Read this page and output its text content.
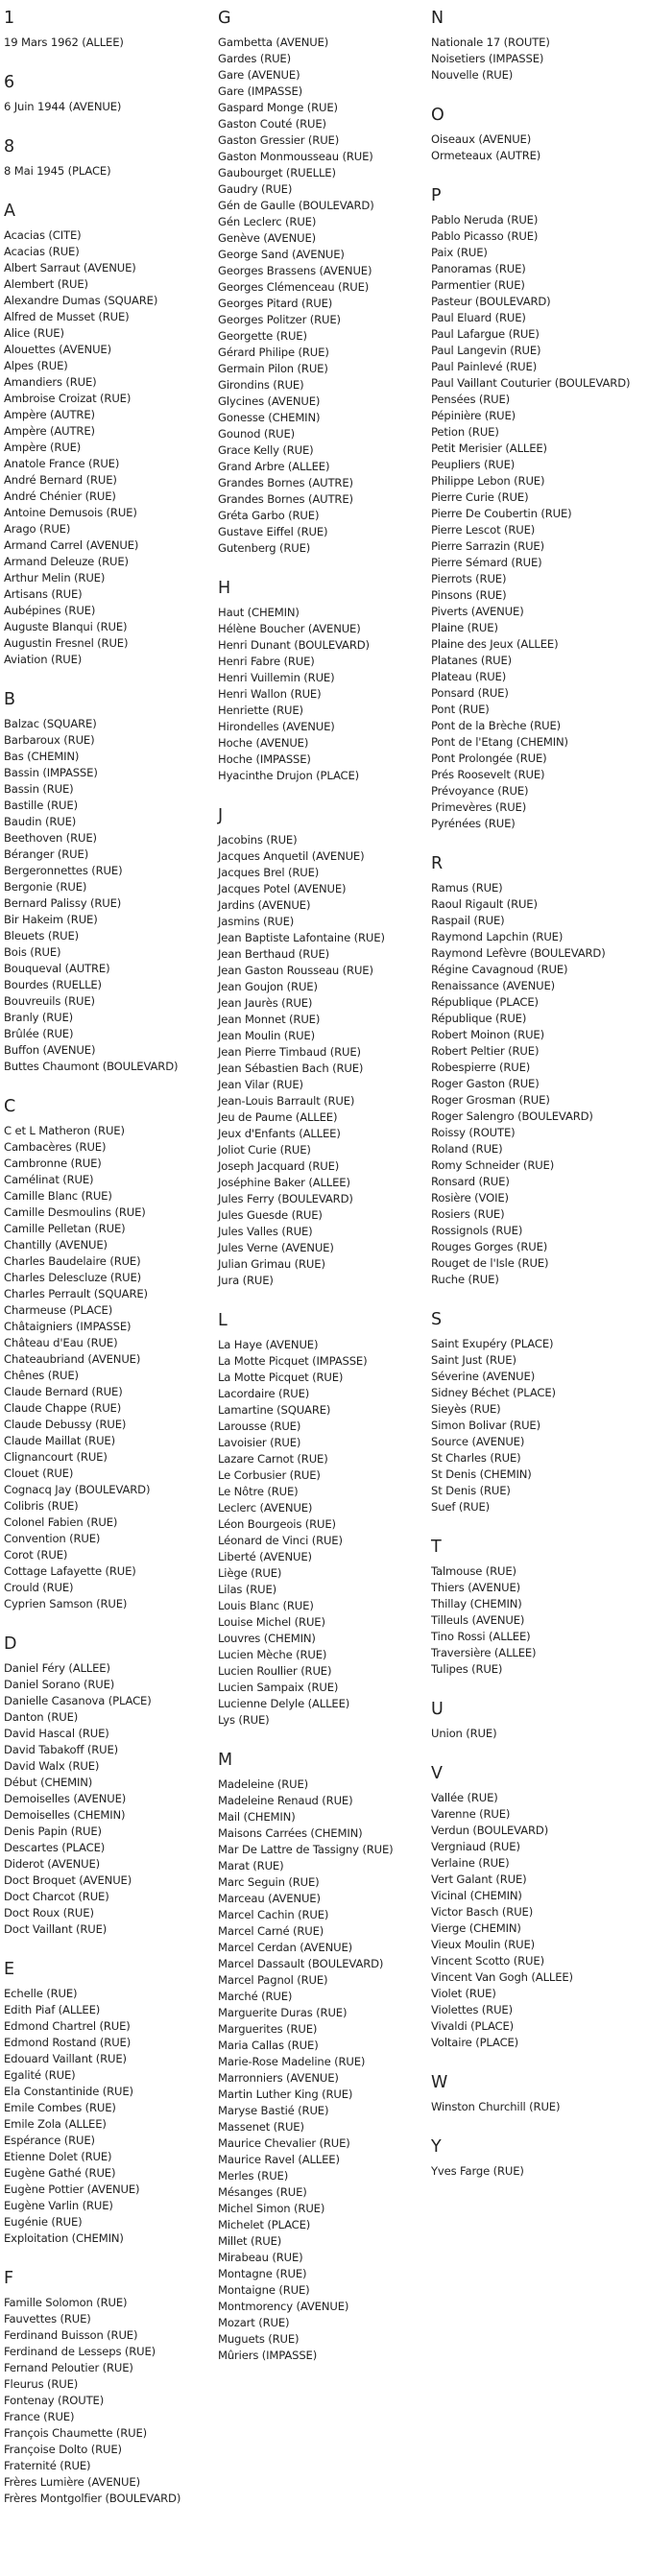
1
19 Mars 1962 (ALLEE)
6
6 Juin 1944 (AVENUE)
8
8 Mai 1945 (PLACE)
A
Acacias (CITE)
Acacias (RUE)
Albert Sarraut (AVENUE)
Alembert (RUE)
Alexandre Dumas (SQUARE)
Alfred de Musset (RUE)
Alice (RUE)
Alouettes (AVENUE)
Alpes (RUE)
Amandiers (RUE)
Ambroise Croizat (RUE)
Ampère (AUTRE)
Ampère (AUTRE)
Ampère (RUE)
Anatole France (RUE)
André Bernard (RUE)
André Chénier (RUE)
Antoine Demusois (RUE)
Arago (RUE)
Armand Carrel (AVENUE)
Armand Deleuze (RUE)
Arthur Melin (RUE)
Artisans (RUE)
Aubépines (RUE)
Auguste Blanqui (RUE)
Augustin Fresnel (RUE)
Aviation (RUE)
B
Balzac (SQUARE)
Barbaroux (RUE)
Bas (CHEMIN)
Bassin (IMPASSE)
Bassin (RUE)
Bastille (RUE)
Baudin (RUE)
Beethoven (RUE)
Béranger (RUE)
Bergeronnettes (RUE)
Bergonie (RUE)
Bernard Palissy (RUE)
Bir Hakeim (RUE)
Bleuets (RUE)
Bois (RUE)
Bouqueval (AUTRE)
Bourdes (RUELLE)
Bouvreuils (RUE)
Branly (RUE)
Brûlée (RUE)
Buffon (AVENUE)
Buttes Chaumont (BOULEVARD)
C
C et L Matheron (RUE)
Cambacères (RUE)
Cambronne (RUE)
Camélinat (RUE)
Camille Blanc (RUE)
Camille Desmoulins (RUE)
Camille Pelletan (RUE)
Chantilly (AVENUE)
Charles Baudelaire (RUE)
Charles Delescluze (RUE)
Charles Perrault (SQUARE)
Charmeuse (PLACE)
Châtaigniers (IMPASSE)
Château d'Eau (RUE)
Chateaubriand (AVENUE)
Chênes (RUE)
Claude Bernard (RUE)
Claude Chappe (RUE)
Claude Debussy (RUE)
Claude Maillat (RUE)
Clignancourt (RUE)
Clouet (RUE)
Cognacq Jay (BOULEVARD)
Colibris (RUE)
Colonel Fabien (RUE)
Convention (RUE)
Corot (RUE)
Cottage Lafayette (RUE)
Crould (RUE)
Cyprien Samson (RUE)
D
Daniel Féry (ALLEE)
Daniel Sorano (RUE)
Danielle Casanova (PLACE)
Danton (RUE)
David Hascal (RUE)
David Tabakoff (RUE)
David Walx (RUE)
Début (CHEMIN)
Demoiselles (AVENUE)
Demoiselles (CHEMIN)
Denis Papin (RUE)
Descartes (PLACE)
Diderot (AVENUE)
Doct Broquet (AVENUE)
Doct Charcot (RUE)
Doct Roux (RUE)
Doct Vaillant (RUE)
E
Echelle (RUE)
Edith Piaf (ALLEE)
Edmond Chartrel (RUE)
Edmond Rostand (RUE)
Edouard Vaillant (RUE)
Egalité (RUE)
Ela Constantinide (RUE)
Emile Combes (RUE)
Emile Zola (ALLEE)
Espérance (RUE)
Etienne Dolet (RUE)
Eugène Gathé (RUE)
Eugène Pottier (AVENUE)
Eugène Varlin (RUE)
Eugénie (RUE)
Exploitation (CHEMIN)
F
Famille Solomon (RUE)
Fauvettes (RUE)
Ferdinand Buisson (RUE)
Ferdinand de Lesseps (RUE)
Fernand Peloutier (RUE)
Fleurus (RUE)
Fontenay (ROUTE)
France (RUE)
François Chaumette (RUE)
Françoise Dolto (RUE)
Fraternité (RUE)
Frères Lumière (AVENUE)
Frères Montgolfier (BOULEVARD)
G
Gambetta (AVENUE)
Gardes (RUE)
Gare (AVENUE)
Gare (IMPASSE)
Gaspard Monge (RUE)
Gaston Couté (RUE)
Gaston Gressier (RUE)
Gaston Monmousseau (RUE)
Gaubourget (RUELLE)
Gaudry (RUE)
Gén de Gaulle (BOULEVARD)
Gén Leclerc (RUE)
Genève (AVENUE)
George Sand (AVENUE)
Georges Brassens (AVENUE)
Georges Clémenceau (RUE)
Georges Pitard (RUE)
Georges Politzer (RUE)
Georgette (RUE)
Gérard Philipe (RUE)
Germain Pilon (RUE)
Girondins (RUE)
Glycines (AVENUE)
Gonesse (CHEMIN)
Gounod (RUE)
Grace Kelly (RUE)
Grand Arbre (ALLEE)
Grandes Bornes (AUTRE)
Grandes Bornes (AUTRE)
Gréta Garbo (RUE)
Gustave Eiffel (RUE)
Gutenberg (RUE)
H
Haut (CHEMIN)
Hélène Boucher (AVENUE)
Henri Dunant (BOULEVARD)
Henri Fabre (RUE)
Henri Vuillemin (RUE)
Henri Wallon (RUE)
Henriette (RUE)
Hirondelles (AVENUE)
Hoche (AVENUE)
Hoche (IMPASSE)
Hyacinthe Drujon (PLACE)
J
Jacobins (RUE)
Jacques Anquetil (AVENUE)
Jacques Brel (RUE)
Jacques Potel (AVENUE)
Jardins (AVENUE)
Jasmins (RUE)
Jean Baptiste Lafontaine (RUE)
Jean Berthaud (RUE)
Jean Gaston Rousseau (RUE)
Jean Goujon (RUE)
Jean Jaurès (RUE)
Jean Monnet (RUE)
Jean Moulin (RUE)
Jean Pierre Timbaud (RUE)
Jean Sébastien Bach (RUE)
Jean Vilar (RUE)
Jean-Louis Barrault (RUE)
Jeu de Paume (ALLEE)
Jeux d'Enfants (ALLEE)
Joliot Curie (RUE)
Joseph Jacquard (RUE)
Joséphine Baker (ALLEE)
Jules Ferry (BOULEVARD)
Jules Guesde (RUE)
Jules Valles (RUE)
Jules Verne (AVENUE)
Julian Grimau (RUE)
Jura (RUE)
L
La Haye (AVENUE)
La Motte Picquet (IMPASSE)
La Motte Picquet (RUE)
Lacordaire (RUE)
Lamartine (SQUARE)
Larousse (RUE)
Lavoisier (RUE)
Lazare Carnot (RUE)
Le Corbusier (RUE)
Le Nôtre (RUE)
Leclerc (AVENUE)
Léon Bourgeois (RUE)
Léonard de Vinci (RUE)
Liberté (AVENUE)
Liège (RUE)
Lilas (RUE)
Louis Blanc (RUE)
Louise Michel (RUE)
Louvres (CHEMIN)
Lucien Mèche (RUE)
Lucien Roullier (RUE)
Lucien Sampaix (RUE)
Lucienne Delyle (ALLEE)
Lys (RUE)
M
Madeleine (RUE)
Madeleine Renaud (RUE)
Mail (CHEMIN)
Maisons Carrées (CHEMIN)
Mar De Lattre de Tassigny (RUE)
Marat (RUE)
Marc Seguin (RUE)
Marceau (AVENUE)
Marcel Cachin (RUE)
Marcel Carné (RUE)
Marcel Cerdan (AVENUE)
Marcel Dassault (BOULEVARD)
Marcel Pagnol (RUE)
Marché (RUE)
Marguerite Duras (RUE)
Marguerites (RUE)
Maria Callas (RUE)
Marie-Rose Madeline (RUE)
Marronniers (AVENUE)
Martin Luther King (RUE)
Maryse Bastié (RUE)
Massenet (RUE)
Maurice Chevalier (RUE)
Maurice Ravel (ALLEE)
Merles (RUE)
Mésanges (RUE)
Michel Simon (RUE)
Michelet (PLACE)
Millet (RUE)
Mirabeau (RUE)
Montagne (RUE)
Montaigne (RUE)
Montmorency (AVENUE)
Mozart (RUE)
Muguets (RUE)
Mûriers (IMPASSE)
N
Nationale 17 (ROUTE)
Noisetiers (IMPASSE)
Nouvelle (RUE)
O
Oiseaux (AVENUE)
Ormeteaux (AUTRE)
P
Pablo Neruda (RUE)
Pablo Picasso (RUE)
Paix (RUE)
Panoramas (RUE)
Parmentier (RUE)
Pasteur (BOULEVARD)
Paul Eluard (RUE)
Paul Lafargue (RUE)
Paul Langevin (RUE)
Paul Painlevé (RUE)
Paul Vaillant Couturier (BOULEVARD)
Pensées (RUE)
Pépinière (RUE)
Petion (RUE)
Petit Merisier (ALLEE)
Peupliers (RUE)
Philippe Lebon (RUE)
Pierre Curie (RUE)
Pierre De Coubertin (RUE)
Pierre Lescot (RUE)
Pierre Sarrazin (RUE)
Pierre Sémard (RUE)
Pierrots (RUE)
Pinsons (RUE)
Piverts (AVENUE)
Plaine (RUE)
Plaine des Jeux (ALLEE)
Platanes (RUE)
Plateau (RUE)
Ponsard (RUE)
Pont (RUE)
Pont de la Brèche (RUE)
Pont de l'Etang (CHEMIN)
Pont Prolongée (RUE)
Prés Roosevelt (RUE)
Prévoyance (RUE)
Primevères (RUE)
Pyrénées (RUE)
R
Ramus (RUE)
Raoul Rigault (RUE)
Raspail (RUE)
Raymond Lapchin (RUE)
Raymond Lefèvre (BOULEVARD)
Régine Cavagnoud (RUE)
Renaissance (AVENUE)
République (PLACE)
République (RUE)
Robert Moinon (RUE)
Robert Peltier (RUE)
Robespierre (RUE)
Roger Gaston (RUE)
Roger Grosman (RUE)
Roger Salengro (BOULEVARD)
Roissy (ROUTE)
Roland (RUE)
Romy Schneider (RUE)
Ronsard (RUE)
Rosière (VOIE)
Rosiers (RUE)
Rossignols (RUE)
Rouges Gorges (RUE)
Rouget de l'Isle (RUE)
Ruche (RUE)
S
Saint Exupéry (PLACE)
Saint Just (RUE)
Séverine (AVENUE)
Sidney Béchet (PLACE)
Sieyès (RUE)
Simon Bolivar (RUE)
Source (AVENUE)
St Charles (RUE)
St Denis (CHEMIN)
St Denis (RUE)
Suef (RUE)
T
Talmouse (RUE)
Thiers (AVENUE)
Thillay (CHEMIN)
Tilleuls (AVENUE)
Tino Rossi (ALLEE)
Traversière (ALLEE)
Tulipes (RUE)
U
Union (RUE)
V
Vallée (RUE)
Varenne (RUE)
Verdun (BOULEVARD)
Vergniaud (RUE)
Verlaine (RUE)
Vert Galant (RUE)
Vicinal (CHEMIN)
Victor Basch (RUE)
Vierge (CHEMIN)
Vieux Moulin (RUE)
Vincent Scotto (RUE)
Vincent Van Gogh (ALLEE)
Violet (RUE)
Violettes (RUE)
Vivaldi (PLACE)
Voltaire (PLACE)
W
Winston Churchill (RUE)
Y
Yves Farge (RUE)
